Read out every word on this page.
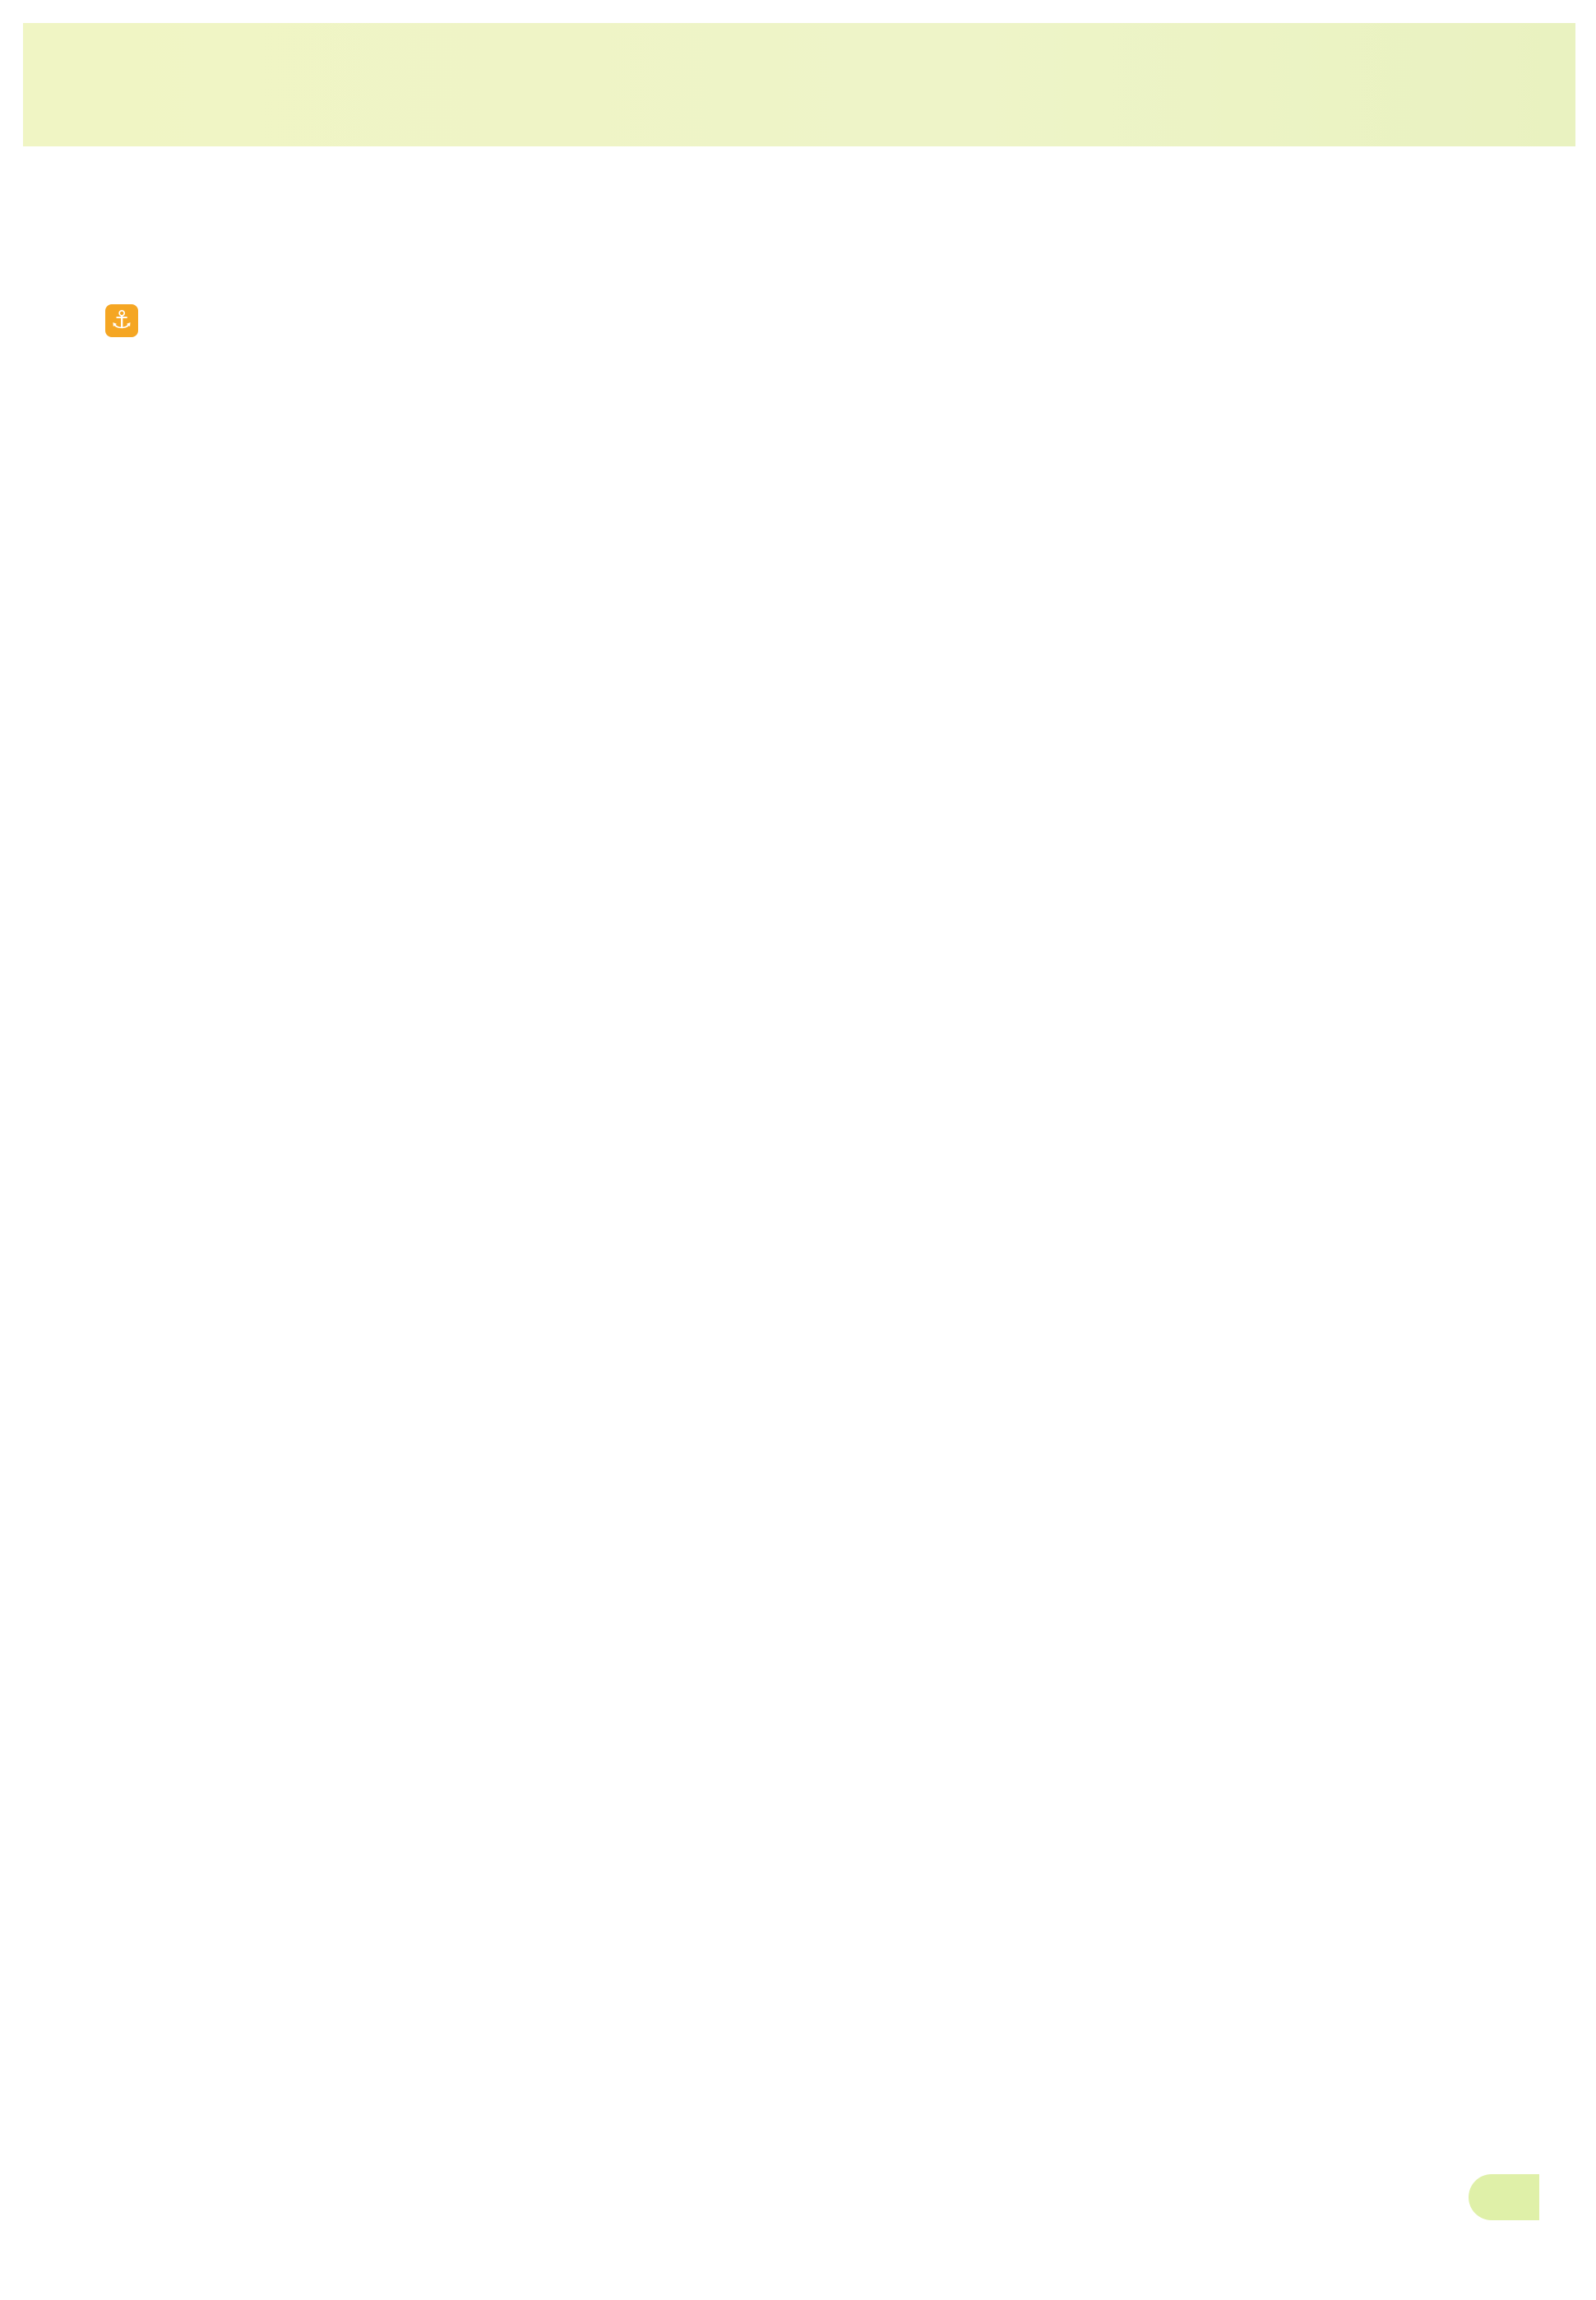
⚓
